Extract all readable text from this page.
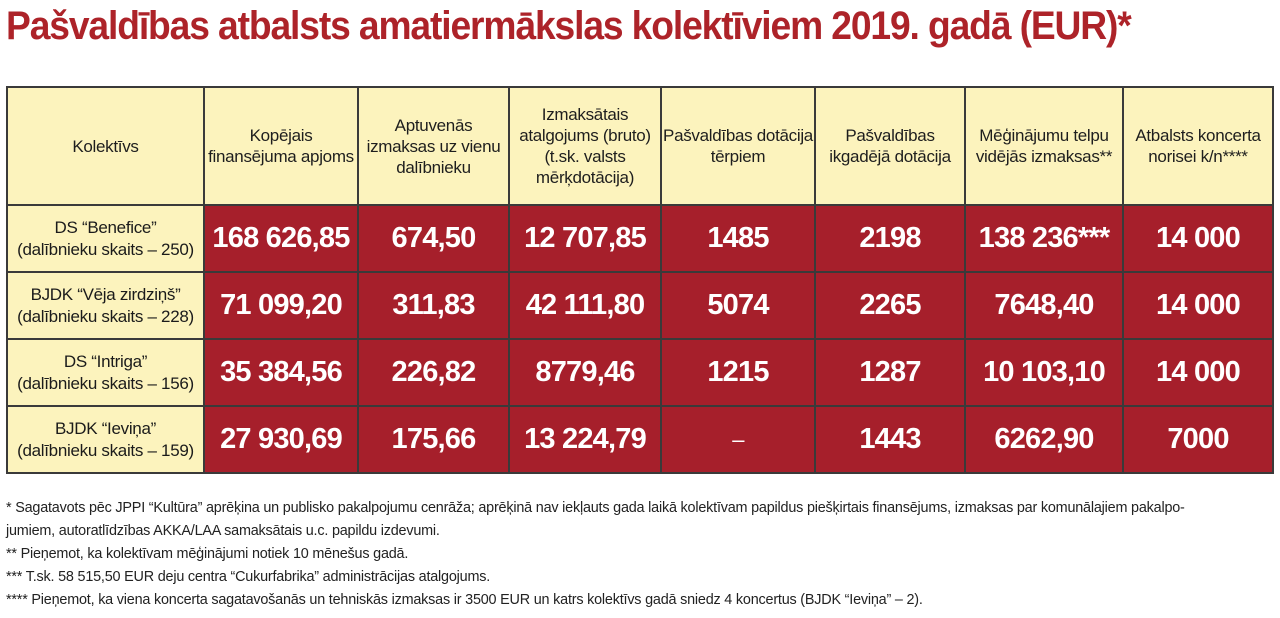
Pašvaldības atbalsts amatiermākslas kolektīviem 2019. gadā (EUR)*
Kolektīvs	Kopējais finansējuma apjoms	Aptuvenās izmaksas uz vienu dalībnieku	Izmaksātais atalgojums (bruto) (t.sk. valsts mērķdotācija)	Pašvaldības dotācija tērpiem	Pašvaldības ikgadējā dotācija	Mēģinājumu telpu vidējās izmaksas**	Atbalsts koncerta norisei k/n****

DS “Benefice”
(dalībnieku skaits – 250)	168 626,85	674,50	12 707,85	1485	2198	138 236***	14 000

BJDK “Vēja zirdziņš”
(dalībnieku skaits – 228)	71 099,20	311,83	42 111,80	5074	2265	7648,40	14 000

DS “Intriga”
(dalībnieku skaits – 156)	35 384,56	226,82	8779,46	1215	1287	10 103,10	14 000

BJDK “Ieviņa”
(dalībnieku skaits – 159)	27 930,69	175,66	13 224,79	–	1443	6262,90	7000
* Sagatavots pēc JPPI “Kultūra” aprēķina un publisko pakalpojumu cenrāža; aprēķinā nav iekļauts gada laikā kolektīvam papildus piešķirtais finansējums, izmaksas par komunālajiem pakalpo-
jumiem, autoratlīdzības AKKA/LAA samaksātais u.c. papildu izdevumi.
** Pieņemot, ka kolektīvam mēģinājumi notiek 10 mēnešus gadā.
*** T.sk. 58 515,50 EUR deju centra “Cukurfabrika” administrācijas atalgojums.
**** Pieņemot, ka viena koncerta sagatavošanās un tehniskās izmaksas ir 3500 EUR un katrs kolektīvs gadā sniedz 4 koncertus (BJDK “Ieviņa” – 2).
